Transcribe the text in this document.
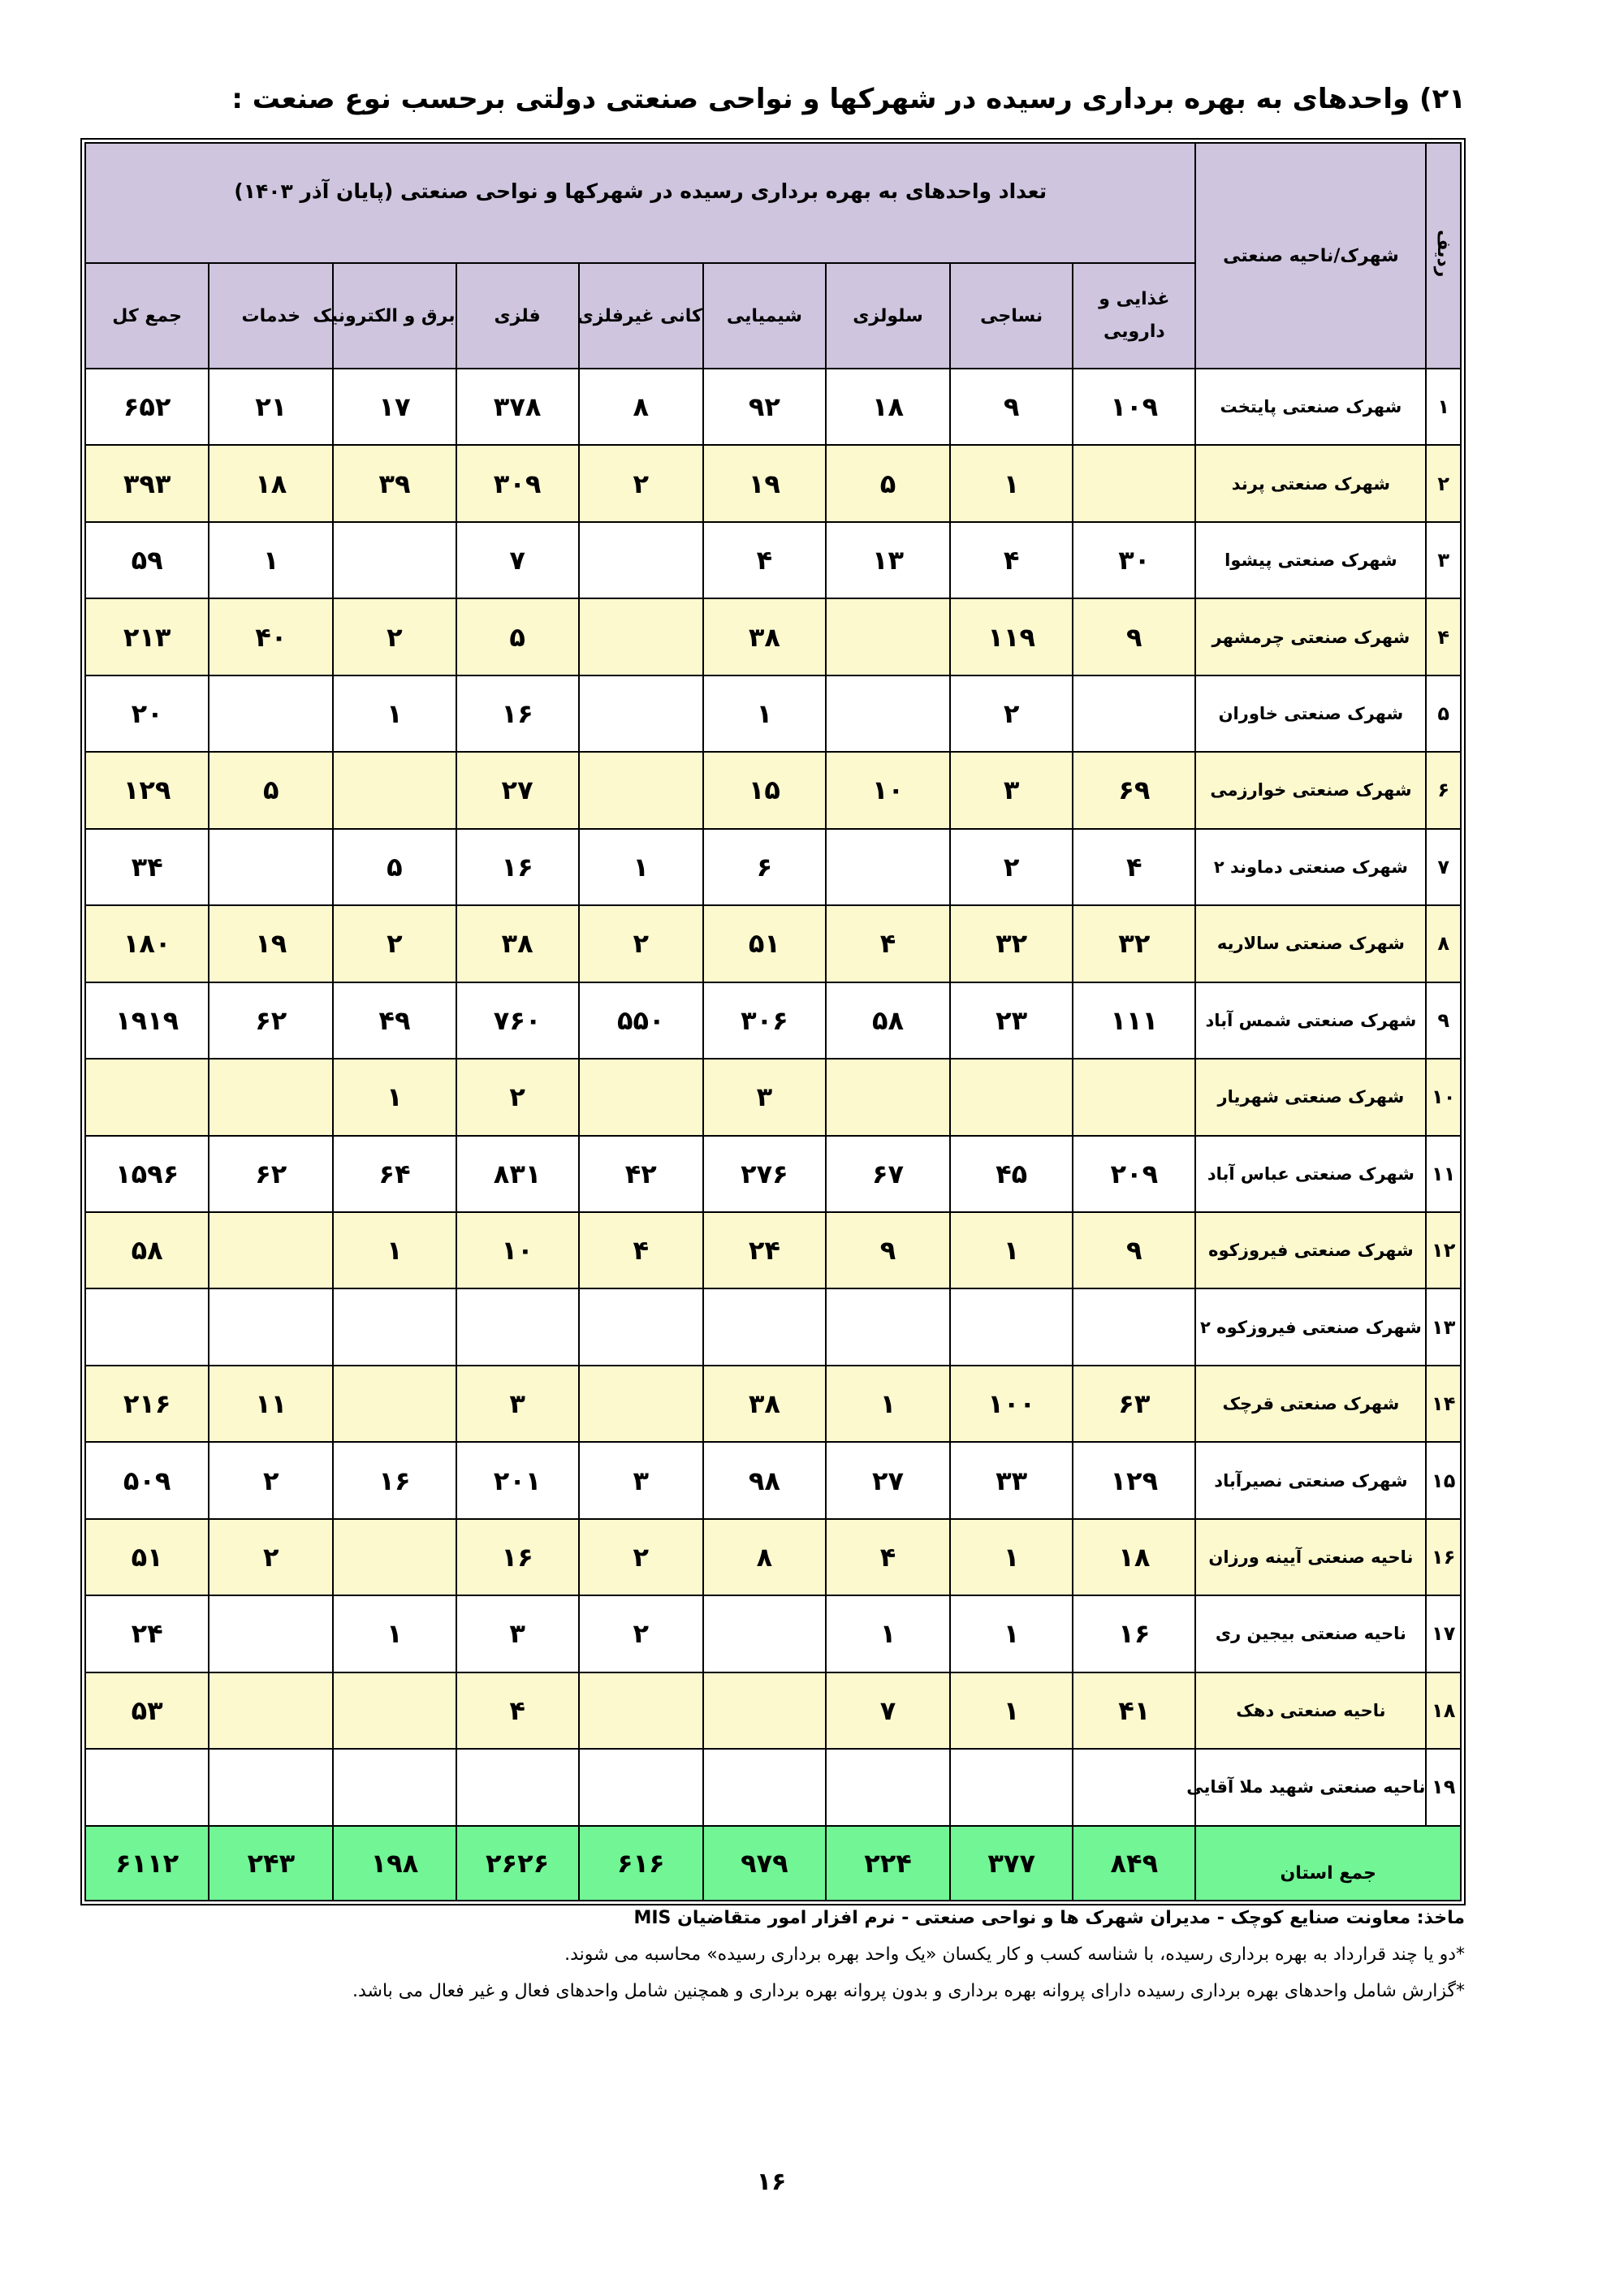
۲۱) واحدهای به بهره برداری رسیده در شهرکها و نواحی صنعتی دولتی برحسب نوع صنعت :
ردیف	شهرک/ناحیه صنعتی	تعداد واحدهای به بهره برداری رسیده در شهرکها و نواحی صنعتی (پایان آذر ۱۴۰۳)								
		غذایی و دارویی	نساجی	سلولزی	شیمیایی	کانی غیرفلزی	فلزی	برق و الکترونیک	خدمات	جمع کل
۱	شهرک صنعتی پایتخت	۱۰۹	۹	۱۸	۹۲	۸	۳۷۸	۱۷	۲۱	۶۵۲
۲	شهرک صنعتی پرند		۱	۵	۱۹	۲	۳۰۹	۳۹	۱۸	۳۹۳
۳	شهرک صنعتی پیشوا	۳۰	۴	۱۳	۴		۷		۱	۵۹
۴	شهرک صنعتی چرمشهر	۹	۱۱۹		۳۸		۵	۲	۴۰	۲۱۳
۵	شهرک صنعتی خاوران		۲		۱		۱۶	۱		۲۰
۶	شهرک صنعتی خوارزمی	۶۹	۳	۱۰	۱۵		۲۷		۵	۱۲۹
۷	شهرک صنعتی دماوند ۲	۴	۲		۶	۱	۱۶	۵		۳۴
۸	شهرک صنعتی سالاریه	۳۲	۳۲	۴	۵۱	۲	۳۸	۲	۱۹	۱۸۰
۹	شهرک صنعتی شمس آباد	۱۱۱	۲۳	۵۸	۳۰۶	۵۵۰	۷۶۰	۴۹	۶۲	۱۹۱۹
۱۰	شهرک صنعتی شهریار				۳		۲	۱		
۱۱	شهرک صنعتی عباس آباد	۲۰۹	۴۵	۶۷	۲۷۶	۴۲	۸۳۱	۶۴	۶۲	۱۵۹۶
۱۲	شهرک صنعتی فیروزکوه	۹	۱	۹	۲۴	۴	۱۰	۱		۵۸
۱۳	شهرک صنعتی فیروزکوه ۲									
۱۴	شهرک صنعتی قرچک	۶۳	۱۰۰	۱	۳۸		۳		۱۱	۲۱۶
۱۵	شهرک صنعتی نصیرآباد	۱۲۹	۳۳	۲۷	۹۸	۳	۲۰۱	۱۶	۲	۵۰۹
۱۶	ناحیه صنعتی آیینه ورزان	۱۸	۱	۴	۸	۲	۱۶		۲	۵۱
۱۷	ناحیه صنعتی بیجین ری	۱۶	۱	۱		۲	۳	۱		۲۴
۱۸	ناحیه صنعتی دهک	۴۱	۱	۷			۴			۵۳
۱۹	ناحیه صنعتی شهید ملا آقایی									
جمع استان		۸۴۹	۳۷۷	۲۲۴	۹۷۹	۶۱۶	۲۶۲۶	۱۹۸	۲۴۳	۶۱۱۲
ماخذ: معاونت صنایع کوچک - مدیران شهرک ها و نواحی صنعتی - نرم افزار امور متقاضیان MIS
*دو یا چند قرارداد به بهره برداری رسیده، با شناسه کسب و کار یکسان «یک واحد بهره برداری رسیده» محاسبه می شوند.
*گزارش شامل واحدهای بهره برداری رسیده دارای پروانه بهره برداری و بدون پروانه بهره برداری و همچنین شامل واحدهای فعال و غیر فعال می باشد.
۱۶
